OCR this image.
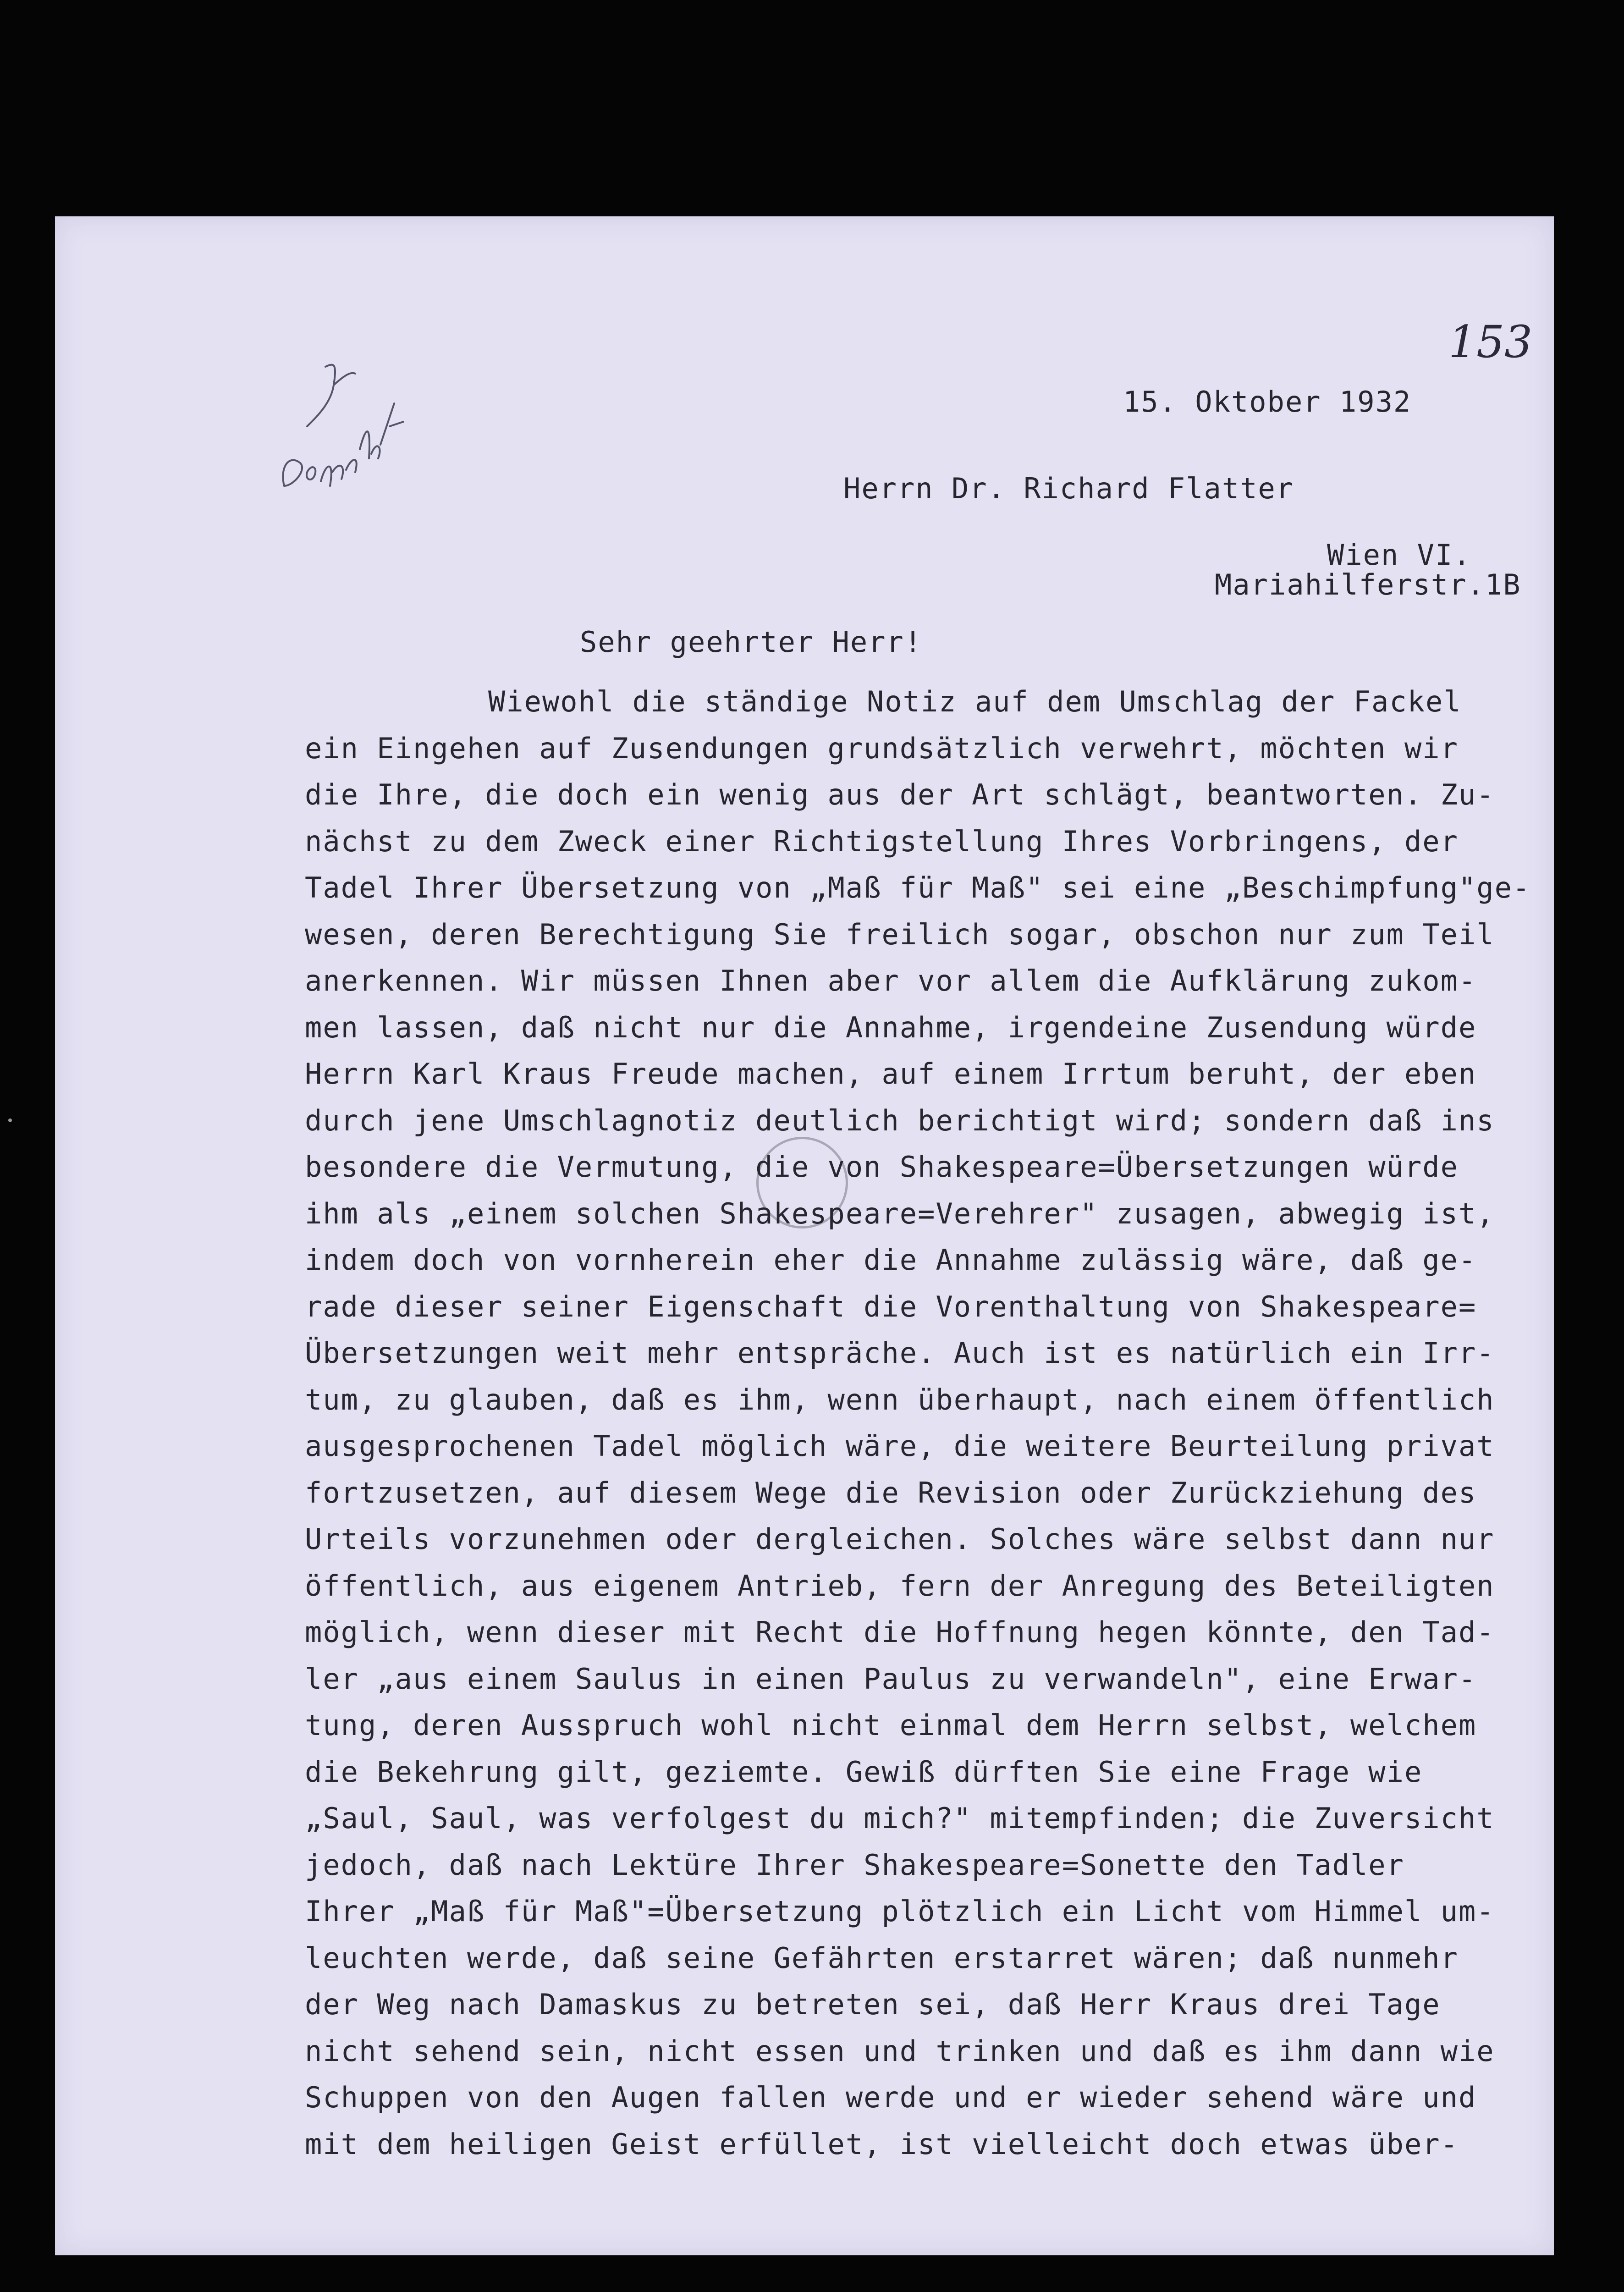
153
15. Oktober 1932
Herrn Dr. Richard Flatter
Wien VI.
Mariahilferstr.1B
Sehr geehrter Herr!
Wiewohl die ständige Notiz auf dem Umschlag der Fackel
ein Eingehen auf Zusendungen grundsätzlich verwehrt, möchten wir
die Ihre, die doch ein wenig aus der Art schlägt, beantworten. Zu-
nächst zu dem Zweck einer Richtigstellung Ihres Vorbringens, der
Tadel Ihrer Übersetzung von „Maß für Maß" sei eine „Beschimpfung"ge-
wesen, deren Berechtigung Sie freilich sogar, obschon nur zum Teil
anerkennen. Wir müssen Ihnen aber vor allem die Aufklärung zukom-
men lassen, daß nicht nur die Annahme, irgendeine Zusendung würde
Herrn Karl Kraus Freude machen, auf einem Irrtum beruht, der eben
durch jene Umschlagnotiz deutlich berichtigt wird; sondern daß ins
besondere die Vermutung, die von Shakespeare=Übersetzungen würde
ihm als „einem solchen Shakespeare=Verehrer" zusagen, abwegig ist,
indem doch von vornherein eher die Annahme zulässig wäre, daß ge-
rade dieser seiner Eigenschaft die Vorenthaltung von Shakespeare=
Übersetzungen weit mehr entspräche. Auch ist es natürlich ein Irr-
tum, zu glauben, daß es ihm, wenn überhaupt, nach einem öffentlich
ausgesprochenen Tadel möglich wäre, die weitere Beurteilung privat
fortzusetzen, auf diesem Wege die Revision oder Zurückziehung des
Urteils vorzunehmen oder dergleichen. Solches wäre selbst dann nur
öffentlich, aus eigenem Antrieb, fern der Anregung des Beteiligten
möglich, wenn dieser mit Recht die Hoffnung hegen könnte, den Tad-
ler „aus einem Saulus in einen Paulus zu verwandeln", eine Erwar-
tung, deren Ausspruch wohl nicht einmal dem Herrn selbst, welchem
die Bekehrung gilt, geziemte. Gewiß dürften Sie eine Frage wie
„Saul, Saul, was verfolgest du mich?" mitempfinden; die Zuversicht
jedoch, daß nach Lektüre Ihrer Shakespeare=Sonette den Tadler
Ihrer „Maß für Maß"=Übersetzung plötzlich ein Licht vom Himmel um-
leuchten werde, daß seine Gefährten erstarret wären; daß nunmehr
der Weg nach Damaskus zu betreten sei, daß Herr Kraus drei Tage
nicht sehend sein, nicht essen und trinken und daß es ihm dann wie
Schuppen von den Augen fallen werde und er wieder sehend wäre und
mit dem heiligen Geist erfüllet, ist vielleicht doch etwas über-
